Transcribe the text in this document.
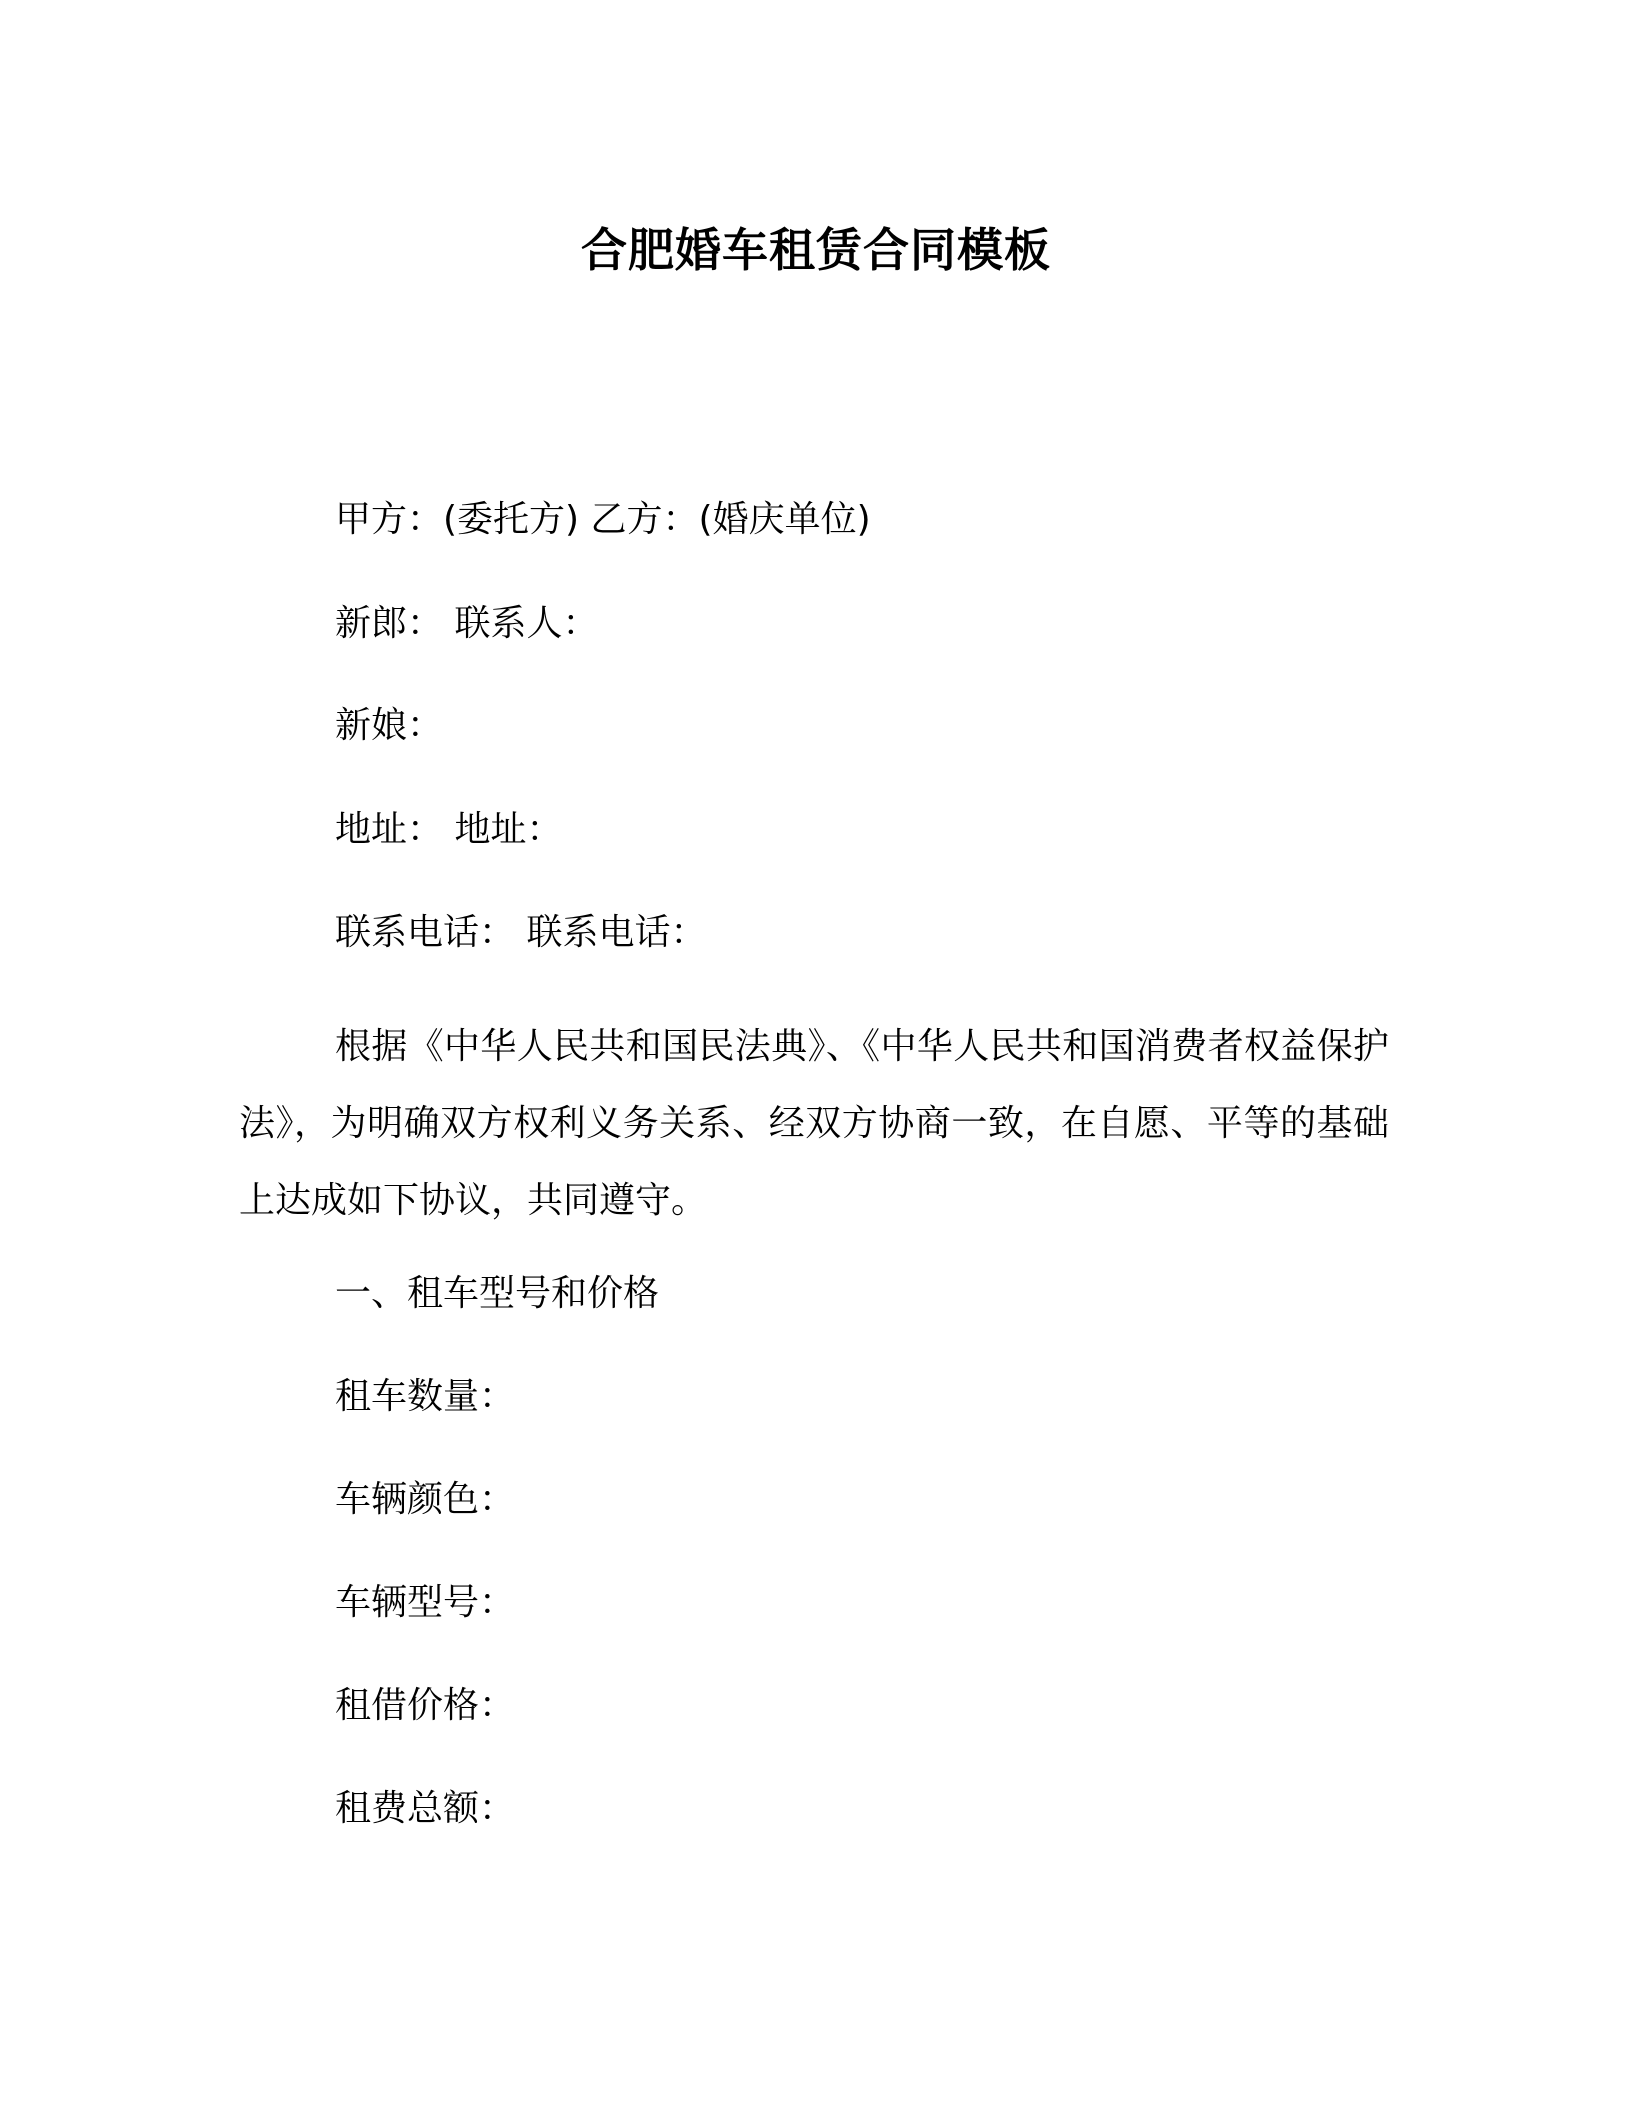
合肥婚车租赁合同模板
甲方：(委托方) 乙方：(婚庆单位)
新郎： 联系人：
新娘：
地址： 地址：
联系电话： 联系电话：
根据《中华人民共和国民法典》、《中华人民共和国消费者权益保护法》，为明确双方权利义务关系、经双方协商一致，在自愿、平等的基础上达成如下协议，共同遵守。
一、租车型号和价格
租车数量：
车辆颜色：
车辆型号：
租借价格：
租费总额：
